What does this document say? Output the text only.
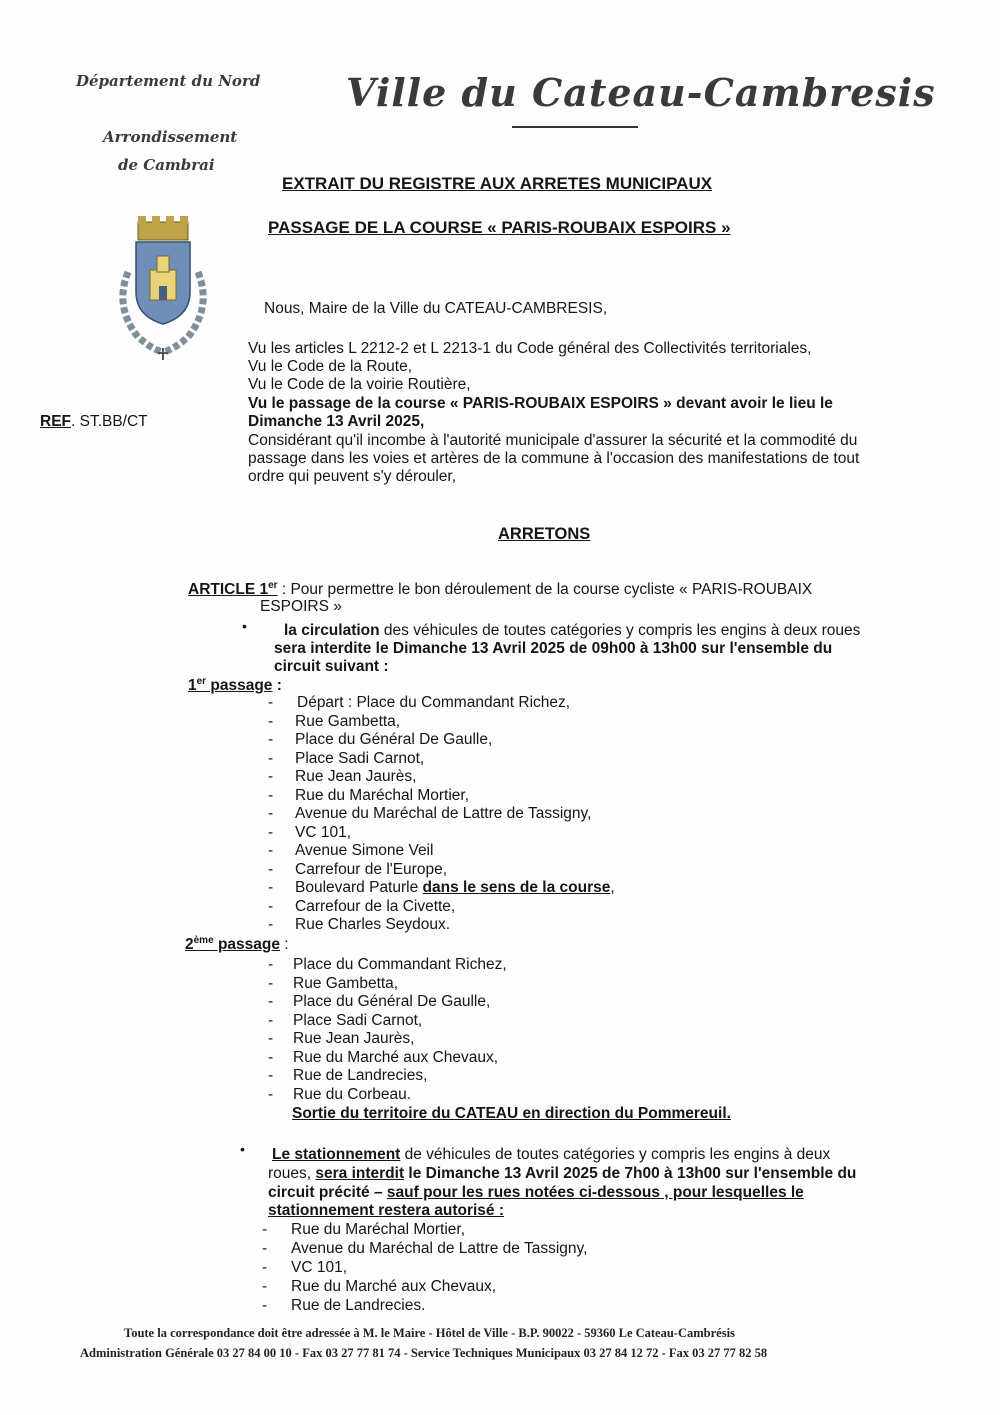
Département du Nord Ville du Cateau-Cambresis
Arrondissement
de Cambrai
EXTRAIT DU REGISTRE AUX ARRETES MUNICIPAUX
PASSAGE DE LA COURSE « PARIS-ROUBAIX ESPOIRS »
REF. ST.BB/CT
Nous, Maire de la Ville du CATEAU-CAMBRESIS,
Vu les articles L 2212-2 et L 2213-1 du Code général des Collectivités territoriales,
Vu le Code de la Route,
Vu le Code de la voirie Routière,
Vu le passage de la course « PARIS-ROUBAIX ESPOIRS » devant avoir le lieu le
Dimanche 13 Avril 2025,
Considérant qu'il incombe à l'autorité municipale d'assurer la sécurité et la commodité du
passage dans les voies et artères de la commune à l'occasion des manifestations de tout
ordre qui peuvent s'y dérouler,
ARRETONS
ARTICLE 1er : Pour permettre le bon déroulement de la course cycliste « PARIS-ROUBAIX
ESPOIRS »
• la circulation des véhicules de toutes catégories y compris les engins à deux roues
sera interdite le Dimanche 13 Avril 2025 de 09h00 à 13h00 sur l'ensemble du
circuit suivant :
1er passage :
- Départ : Place du Commandant Richez,
- Rue Gambetta,
- Place du Général De Gaulle,
- Place Sadi Carnot,
- Rue Jean Jaurès,
- Rue du Maréchal Mortier,
- Avenue du Maréchal de Lattre de Tassigny,
- VC 101,
- Avenue Simone Veil
- Carrefour de l'Europe,
- Boulevard Paturle dans le sens de la course,
- Carrefour de la Civette,
- Rue Charles Seydoux.
2ème passage :
- Place du Commandant Richez,
- Rue Gambetta,
- Place du Général De Gaulle,
- Place Sadi Carnot,
- Rue Jean Jaurès,
- Rue du Marché aux Chevaux,
- Rue de Landrecies,
- Rue du Corbeau.
Sortie du territoire du CATEAU en direction du Pommereuil.
• Le stationnement de véhicules de toutes catégories y compris les engins à deux
roues, sera interdit le Dimanche 13 Avril 2025 de 7h00 à 13h00 sur l'ensemble du
circuit précité – sauf pour les rues notées ci-dessous , pour lesquelles le
stationnement restera autorisé :
- Rue du Maréchal Mortier,
- Avenue du Maréchal de Lattre de Tassigny,
- VC 101,
- Rue du Marché aux Chevaux,
- Rue de Landrecies.
Toute la correspondance doit être adressée à M. le Maire - Hôtel de Ville - B.P. 90022 - 59360 Le Cateau-Cambrésis
Administration Générale 03 27 84 00 10 - Fax 03 27 77 81 74 - Service Techniques Municipaux 03 27 84 12 72 - Fax 03 27 77 82 58
